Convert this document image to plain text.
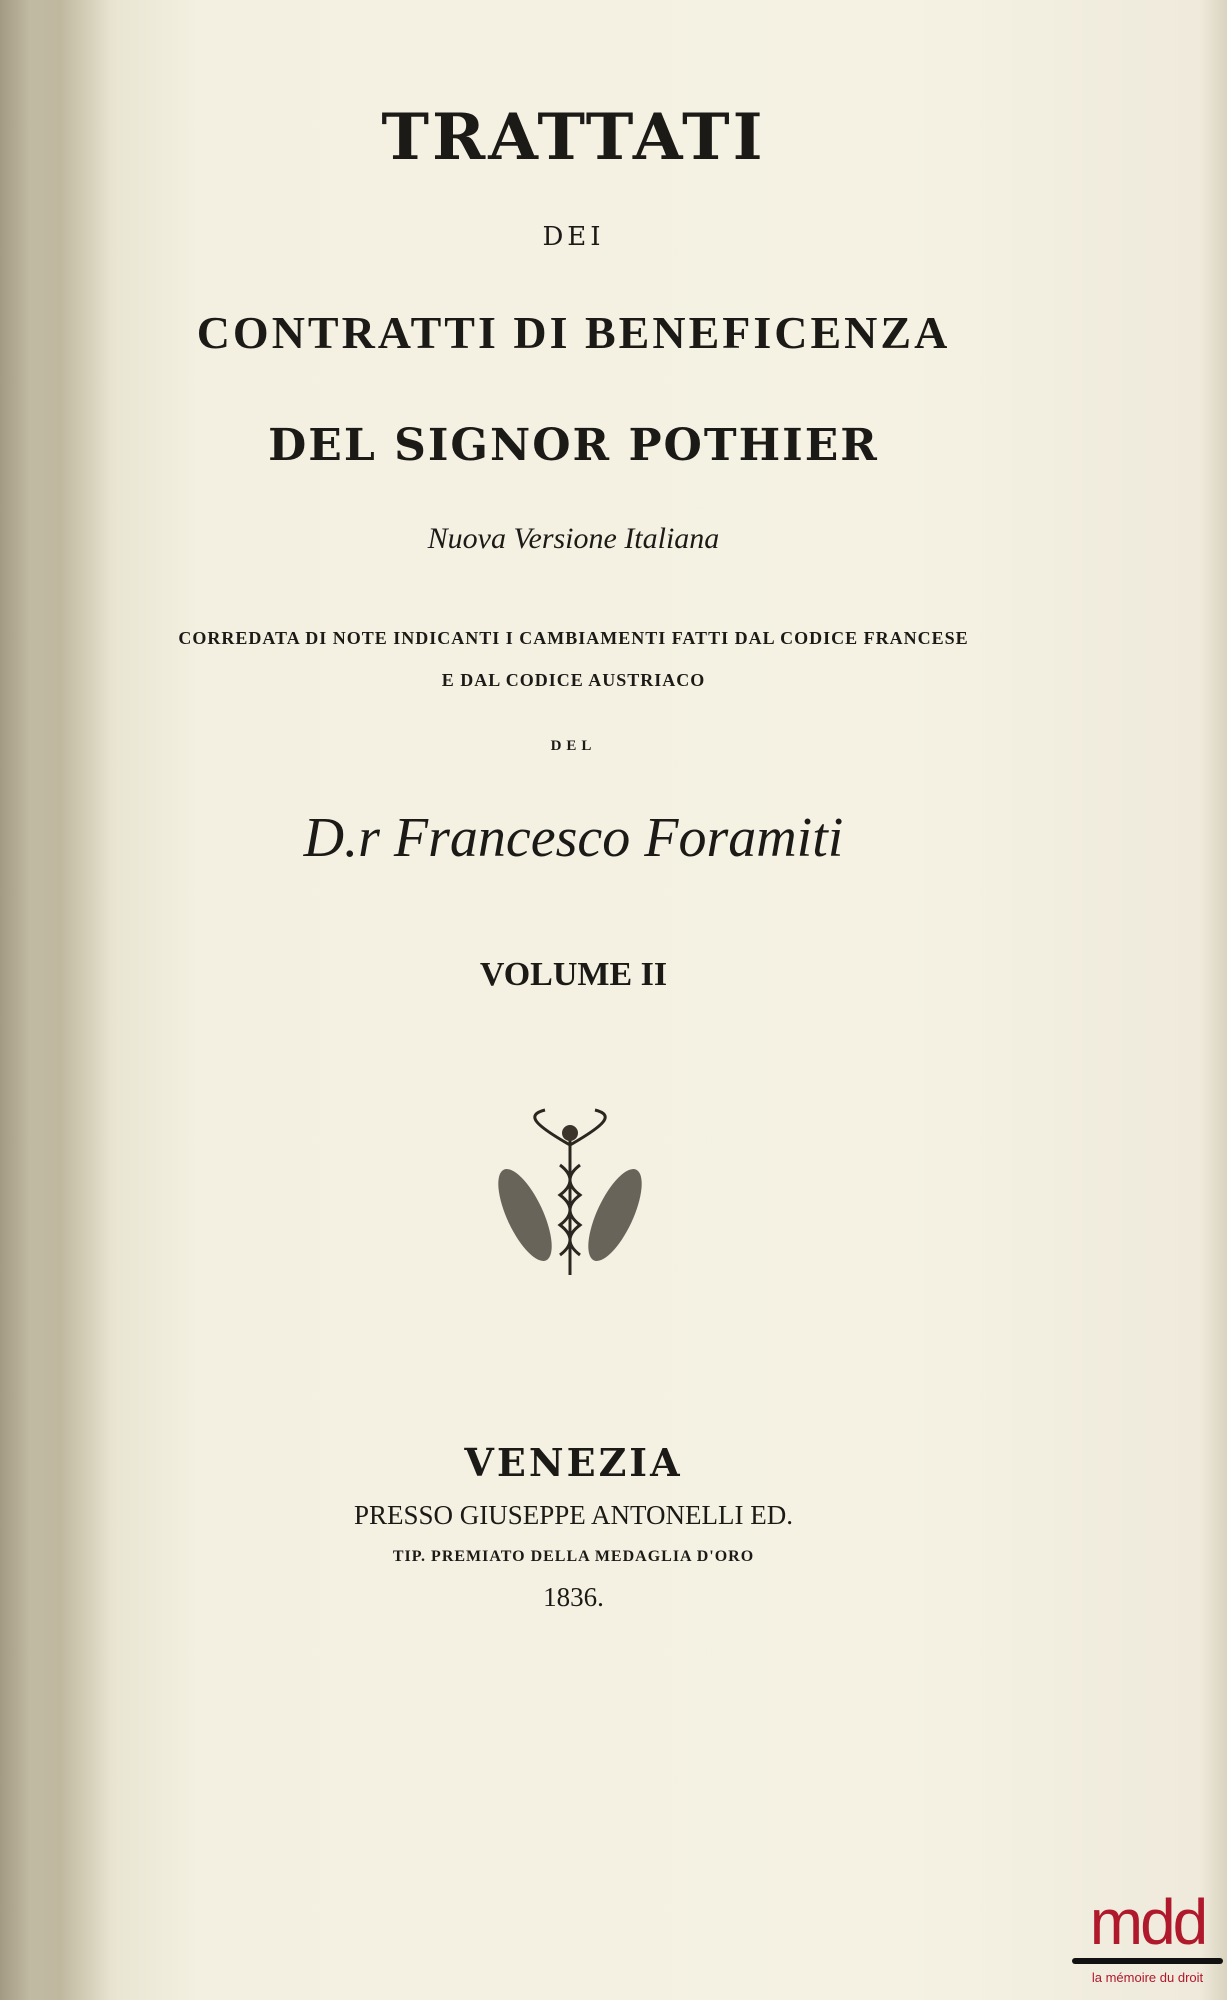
TRATTATI
DEI
CONTRATTI DI BENEFICENZA
DEL SIGNOR POTHIER
Nuova Versione Italiana
CORREDATA DI NOTE INDICANTI I CAMBIAMENTI FATTI DAL CODICE FRANCESE
E DAL CODICE AUSTRIACO
DEL
D.r Francesco Foramiti
VOLUME II
VENEZIA
PRESSO GIUSEPPE ANTONELLI ED.
TIP. PREMIATO DELLA MEDAGLIA D'ORO
1836.
mdd
la mémoire du droit
